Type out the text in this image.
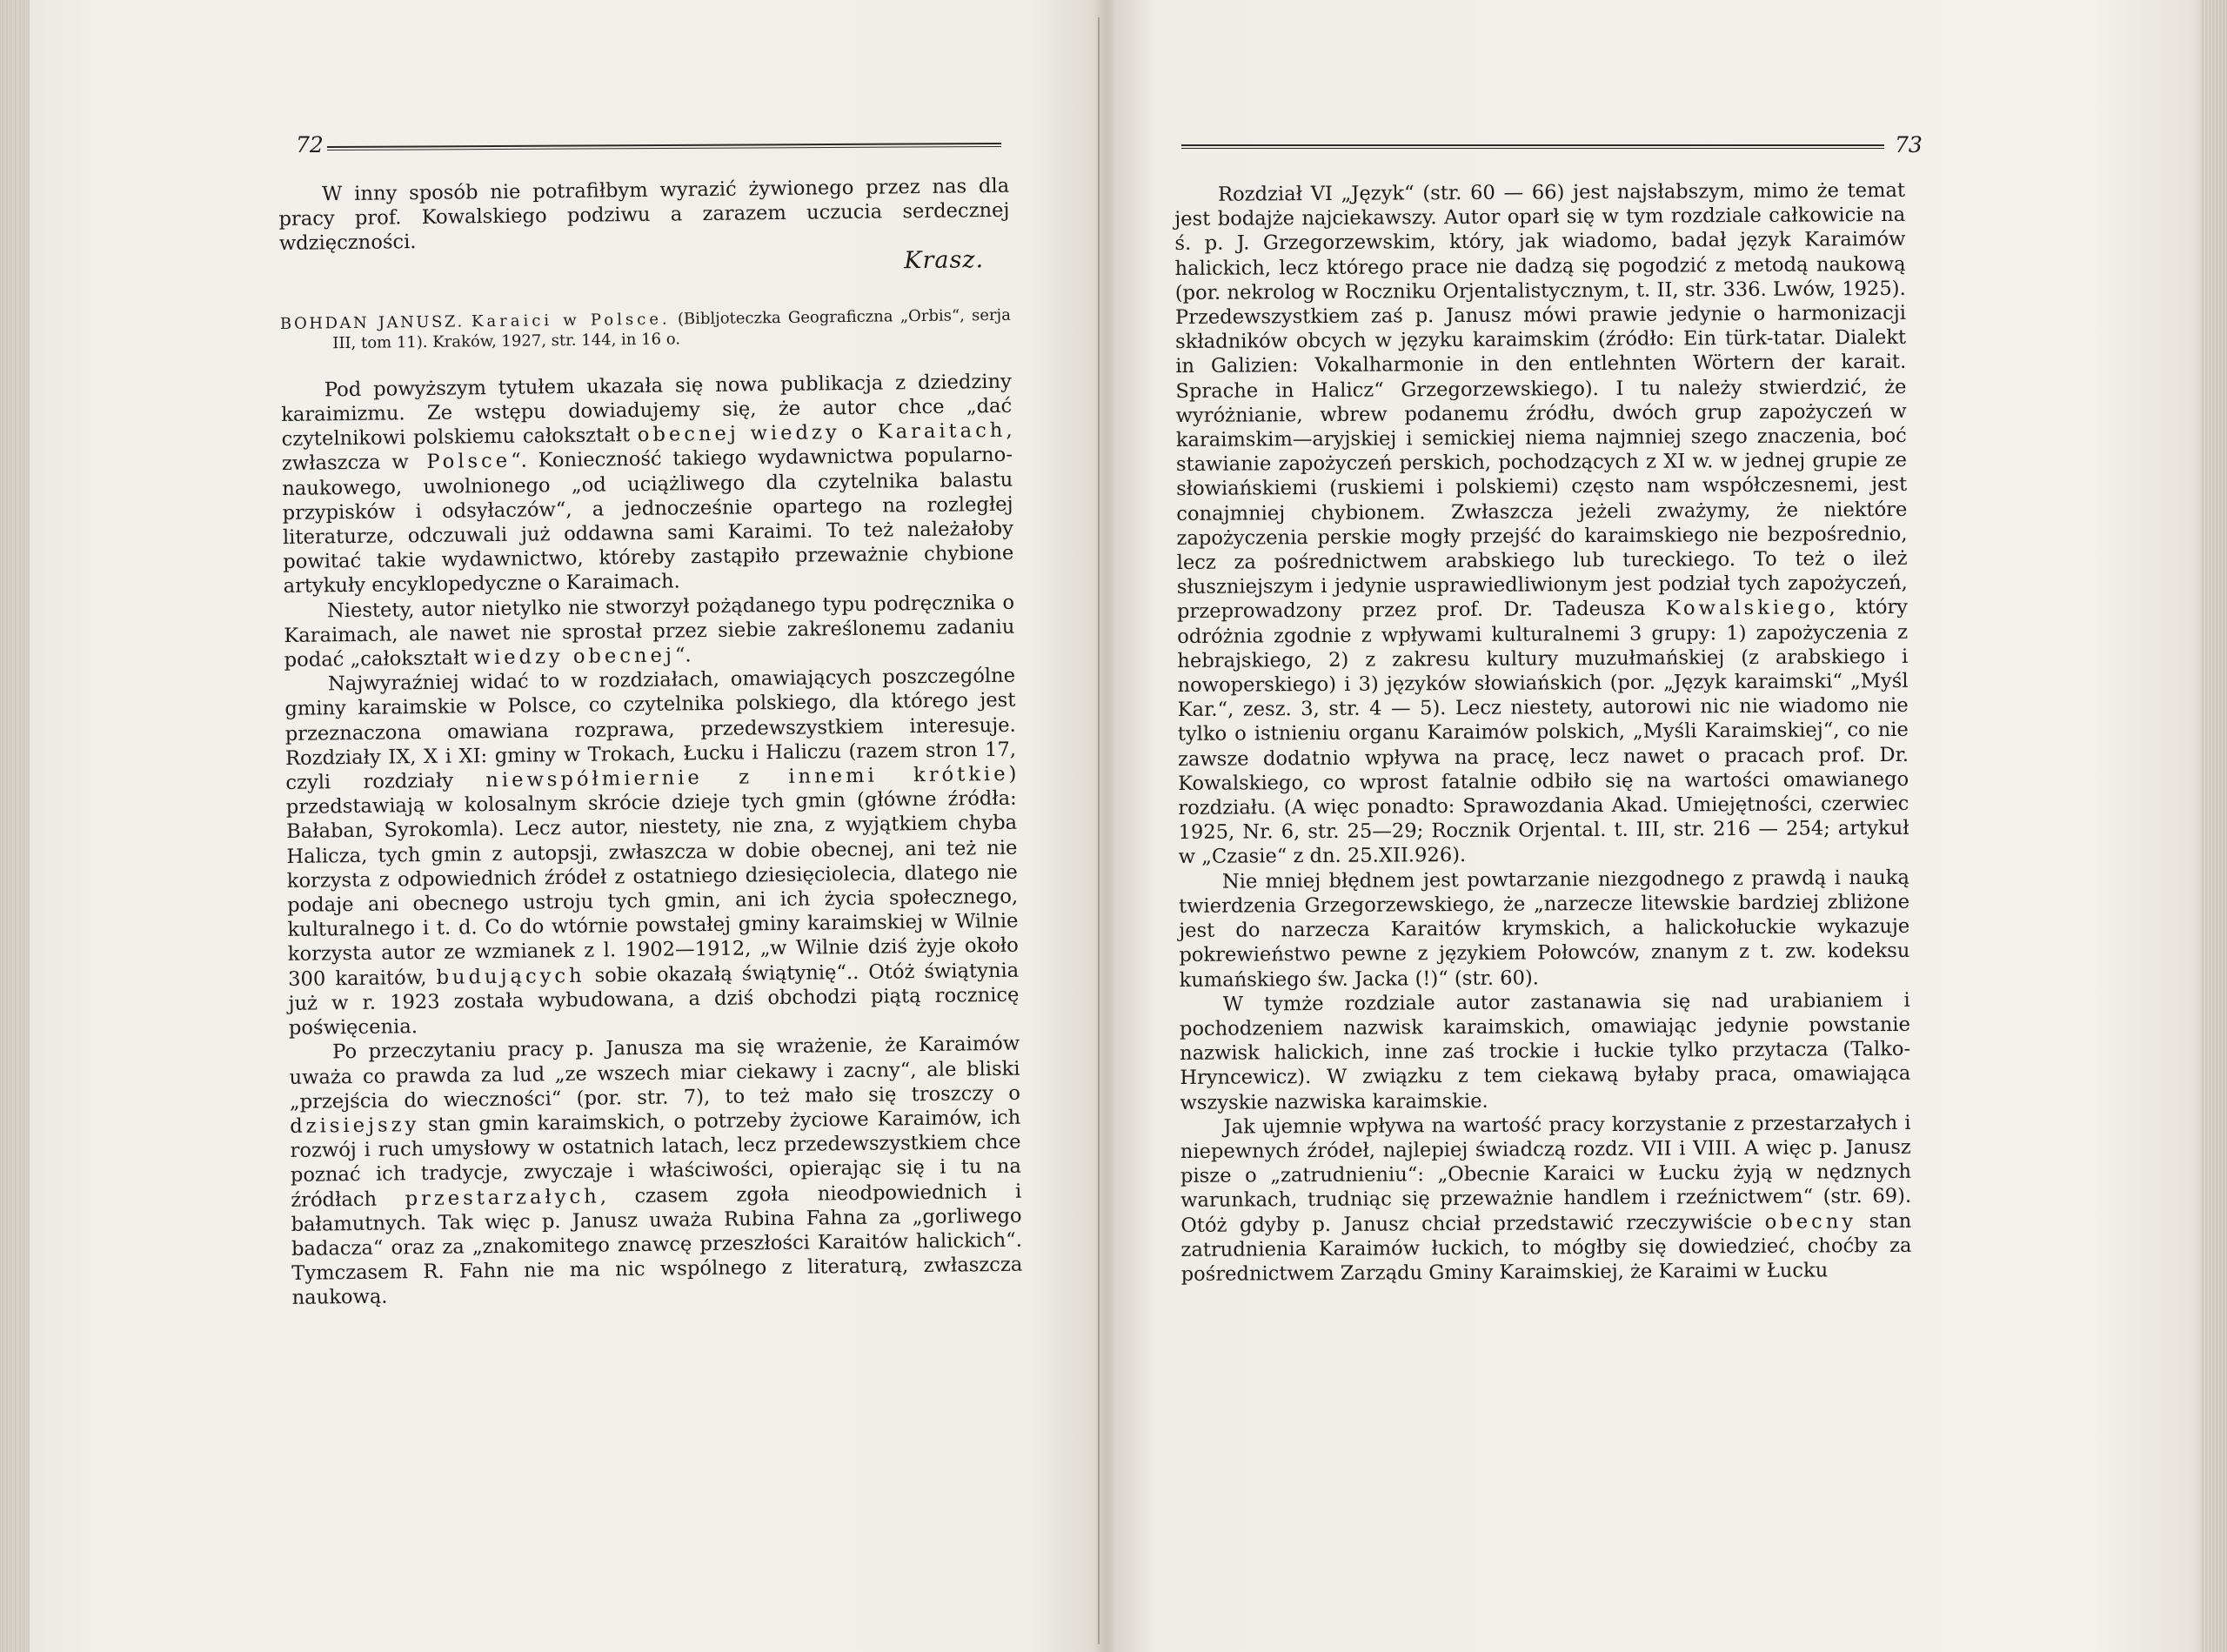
72

W inny sposób nie potrafiłbym wyrazić żywionego przez nas dla pracy prof. Kowalskiego podziwu a zarazem uczucia serdecznej wdzięczności.

Krasz.
BOHDAN JANUSZ. Karaici w Polsce. (Bibljoteczka Geograficzna „Orbis“, serja III, tom 11). Kraków, 1927, str. 144, in 16 o.

Pod powyższym tytułem ukazała się nowa publikacja z dziedziny karaimizmu. Ze wstępu dowiadujemy się, że autor chce „dać czytelnikowi polskiemu całokształt obecnej wiedzy o Karaitach, zwłaszcza w Polsce“. Konieczność takiego wydawnictwa popularno-naukowego, uwolnionego „od uciążliwego dla czytelnika balastu przypisków i odsyłaczów“, a jednocześnie opartego na rozległej literaturze, odczuwali już oddawna sami Karaimi. To też należałoby powitać takie wydawnictwo, któreby zastąpiło przeważnie chybione artykuły encyklopedyczne o Karaimach.

Niestety, autor nietylko nie stworzył pożądanego typu podręcznika o Karaimach, ale nawet nie sprostał przez siebie zakreślonemu zadaniu podać „całokształt wiedzy obecnej“.

Najwyraźniej widać to w rozdziałach, omawiających poszczególne gminy karaimskie w Polsce, co czytelnika polskiego, dla którego jest przeznaczona omawiana rozprawa, przedewszystkiem interesuje. Rozdziały IX, X i XI: gminy w Trokach, Łucku i Haliczu (razem stron 17, czyli rozdziały niewspółmiernie z innemi krótkie) przedstawiają w kolosalnym skrócie dzieje tych gmin (główne źródła: Bałaban, Syrokomla). Lecz autor, niestety, nie zna, z wyjątkiem chyba Halicza, tych gmin z autopsji, zwłaszcza w dobie obecnej, ani też nie korzysta z odpowiednich źródeł z ostatniego dziesięciolecia, dlatego nie podaje ani obecnego ustroju tych gmin, ani ich życia społecznego, kulturalnego i t. d. Co do wtórnie powstałej gminy karaimskiej w Wilnie korzysta autor ze wzmianek z l. 1902—1912, „w Wilnie dziś żyje około 300 karaitów, budujących sobie okazałą świątynię“.. Otóż świątynia już w r. 1923 została wybudowana, a dziś obchodzi piątą rocznicę poświęcenia.

Po przeczytaniu pracy p. Janusza ma się wrażenie, że Karaimów uważa co prawda za lud „ze wszech miar ciekawy i zacny“, ale bliski „przejścia do wieczności“ (por. str. 7), to też mało się troszczy o dzisiejszy stan gmin karaimskich, o potrzeby życiowe Karaimów, ich rozwój i ruch umysłowy w ostatnich latach, lecz przedewszystkiem chce poznać ich tradycje, zwyczaje i właściwości, opierając się i tu na źródłach przestarzałych, czasem zgoła nieodpowiednich i bałamutnych. Tak więc p. Janusz uważa Rubina Fahna za „gorliwego badacza“ oraz za „znakomitego znawcę przeszłości Karaitów halickich“. Tymczasem R. Fahn nie ma nic wspólnego z literaturą, zwłaszcza naukową.

73

Rozdział VI „Język“ (str. 60 — 66) jest najsłabszym, mimo że temat jest bodajże najciekawszy. Autor oparł się w tym rozdziale całkowicie na ś. p. J. Grzegorzewskim, który, jak wiadomo, badał język Karaimów halickich, lecz którego prace nie dadzą się pogodzić z metodą naukową (por. nekrolog w Roczniku Orjentalistycznym, t. II, str. 336. Lwów, 1925). Przedewszystkiem zaś p. Janusz mówi prawie jedynie o harmonizacji składników obcych w języku karaimskim (źródło: Ein türk-tatar. Dialekt in Galizien: Vokalharmonie in den entlehnten Wörtern der karait. Sprache in Halicz“ Grzegorzewskiego). I tu należy stwierdzić, że wyróżnianie, wbrew podanemu źródłu, dwóch grup zapożyczeń w karaimskim—aryjskiej i semickiej niema najmniej szego znaczenia, boć stawianie zapożyczeń perskich, pochodzących z XI w. w jednej grupie ze słowiańskiemi (ruskiemi i polskiemi) często nam współczesnemi, jest conajmniej chybionem. Zwłaszcza jeżeli zważymy, że niektóre zapożyczenia perskie mogły przejść do karaimskiego nie bezpośrednio, lecz za pośrednictwem arabskiego lub tureckiego. To też o ileż słuszniejszym i jedynie usprawiedliwionym jest podział tych zapożyczeń, przeprowadzony przez prof. Dr. Tadeusza Kowalskiego, który odróżnia zgodnie z wpływami kulturalnemi 3 grupy: 1) zapożyczenia z hebrajskiego, 2) z zakresu kultury muzułmańskiej (z arabskiego i nowoperskiego) i 3) języków słowiańskich (por. „Język karaimski“ „Myśl Kar.“, zesz. 3, str. 4 — 5). Lecz niestety, autorowi nic nie wiadomo nie tylko o istnieniu organu Karaimów polskich, „Myśli Karaimskiej“, co nie zawsze dodatnio wpływa na pracę, lecz nawet o pracach prof. Dr. Kowalskiego, co wprost fatalnie odbiło się na wartości omawianego rozdziału. (A więc ponadto: Sprawozdania Akad. Umiejętności, czerwiec 1925, Nr. 6, str. 25—29; Rocznik Orjental. t. III, str. 216 — 254; artykuł w „Czasie“ z dn. 25.XII.926).

Nie mniej błędnem jest powtarzanie niezgodnego z prawdą i nauką twierdzenia Grzegorzewskiego, że „narzecze litewskie bardziej zbliżone jest do narzecza Karaitów krymskich, a halickołuckie wykazuje pokrewieństwo pewne z językiem Połowców, znanym z t. zw. kodeksu kumańskiego św. Jacka (!)“ (str. 60).

W tymże rozdziale autor zastanawia się nad urabianiem i pochodzeniem nazwisk karaimskich, omawiając jedynie powstanie nazwisk halickich, inne zaś trockie i łuckie tylko przytacza (Talko-Hryncewicz). W związku z tem ciekawą byłaby praca, omawiająca wszyskie nazwiska karaimskie.

Jak ujemnie wpływa na wartość pracy korzystanie z przestarzałych i niepewnych źródeł, najlepiej świadczą rozdz. VII i VIII. A więc p. Janusz pisze o „zatrudnieniu“: „Obecnie Karaici w Łucku żyją w nędznych warunkach, trudniąc się przeważnie handlem i rzeźnictwem“ (str. 69). Otóż gdyby p. Janusz chciał przedstawić rzeczywiście obecny stan zatrudnienia Karaimów łuckich, to mógłby się dowiedzieć, choćby za pośrednictwem Zarządu Gminy Karaimskiej, że Karaimi w Łucku
